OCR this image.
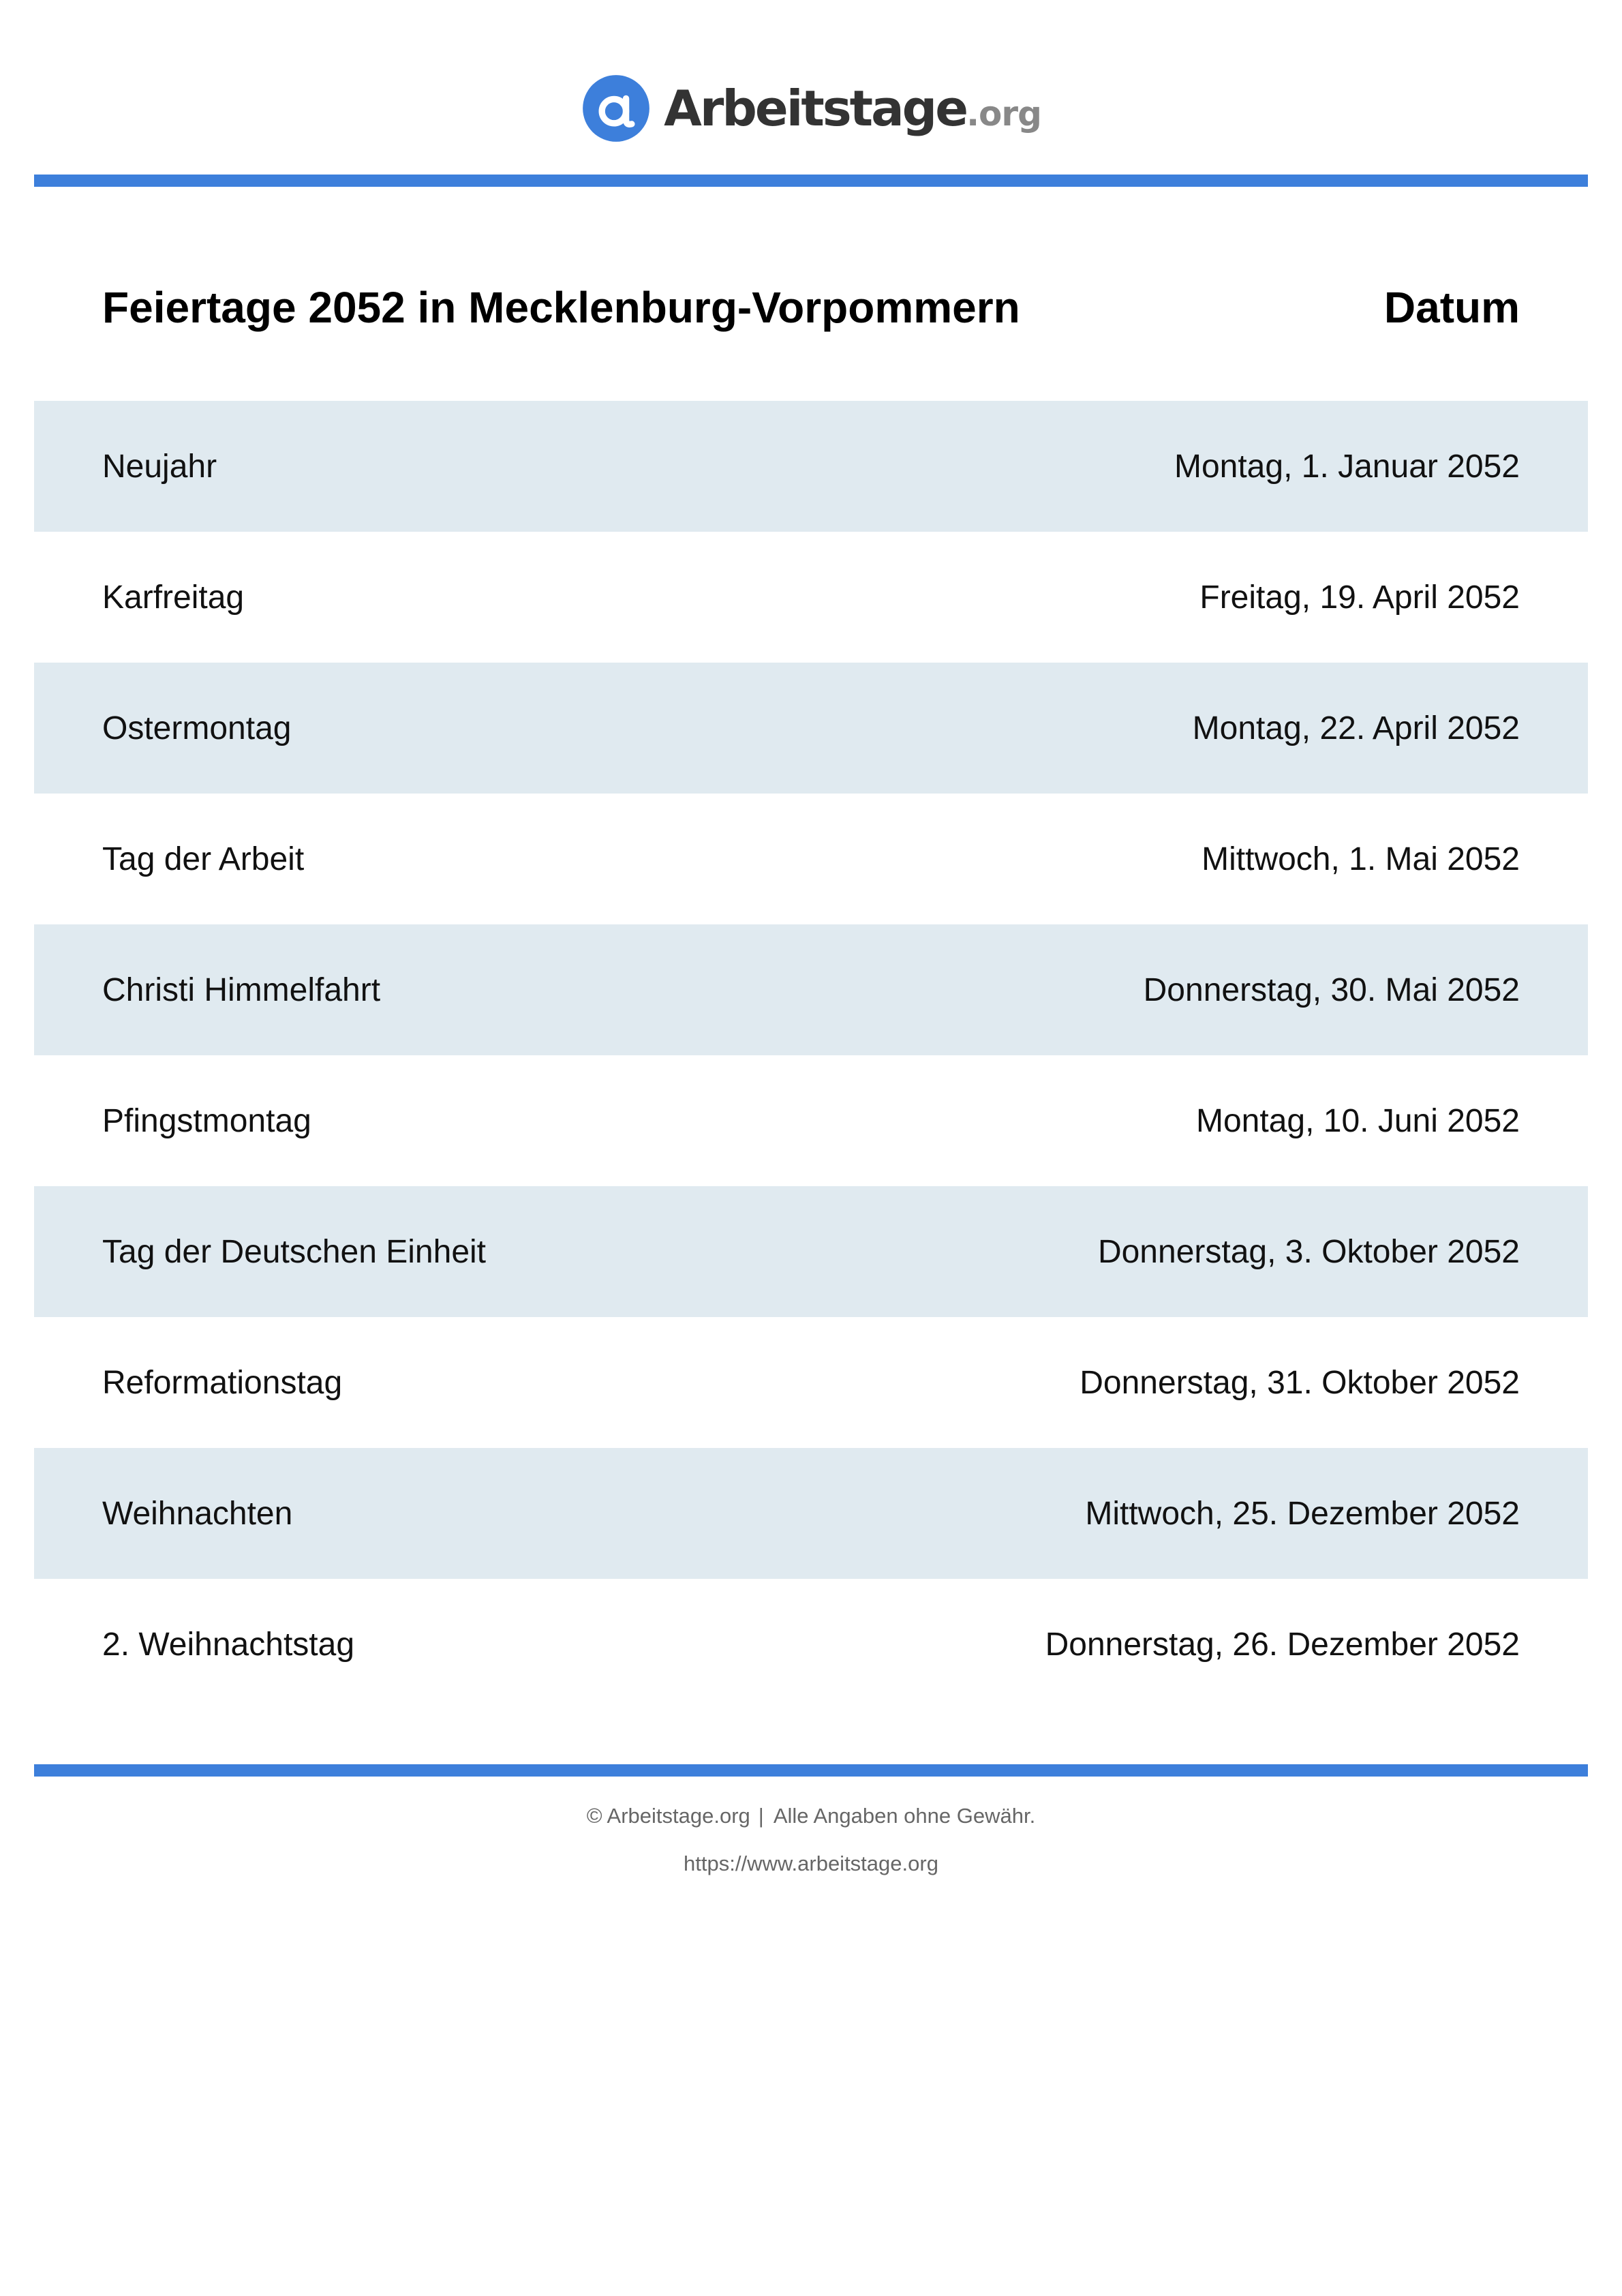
Arbeitstage .org
Feiertage 2052 in Mecklenburg-Vorpommern	Datum
Neujahr	Montag, 1. Januar 2052
Karfreitag	Freitag, 19. April 2052
Ostermontag	Montag, 22. April 2052
Tag der Arbeit	Mittwoch, 1. Mai 2052
Christi Himmelfahrt	Donnerstag, 30. Mai 2052
Pfingstmontag	Montag, 10. Juni 2052
Tag der Deutschen Einheit	Donnerstag, 3. Oktober 2052
Reformationstag	Donnerstag, 31. Oktober 2052
Weihnachten	Mittwoch, 25. Dezember 2052
2. Weihnachtstag	Donnerstag, 26. Dezember 2052
© Arbeitstage.org | Alle Angaben ohne Gewähr.
https://www.arbeitstage.org
